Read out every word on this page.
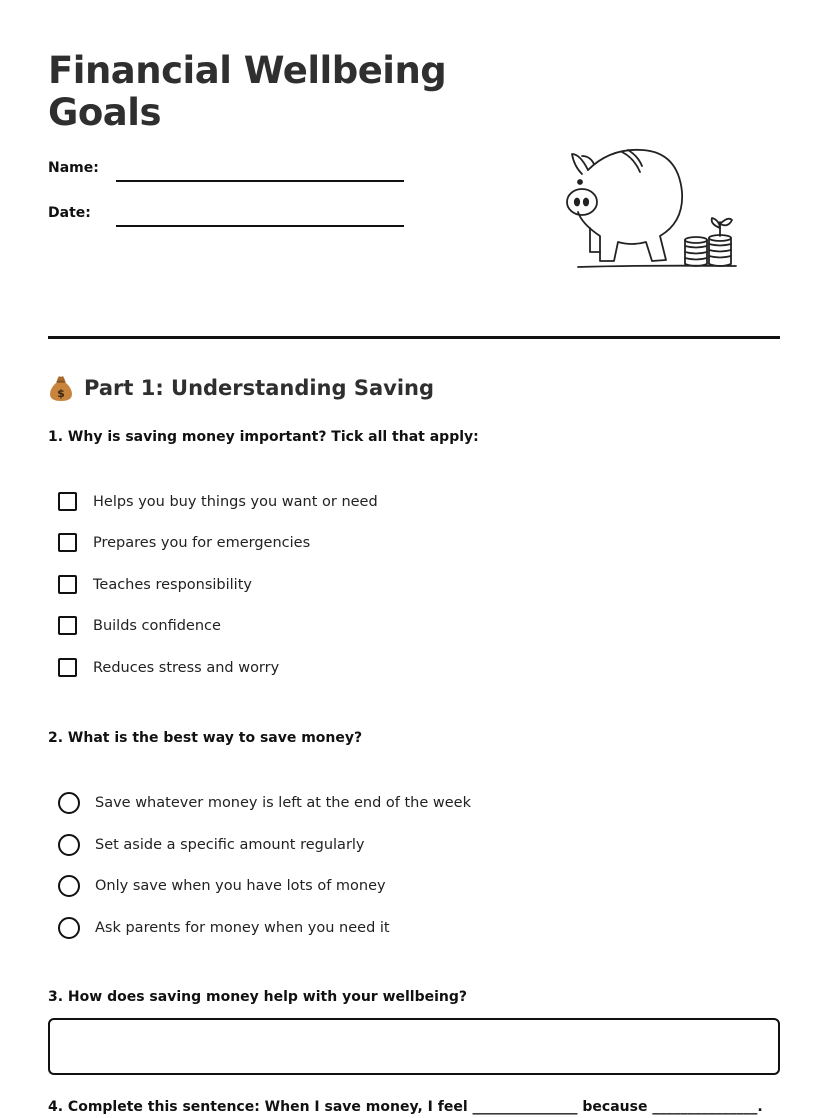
Financial Wellbeing Goals
Name:
Date:
$ Part 1: Understanding Saving
1. Why is saving money important? Tick all that apply:
Helps you buy things you want or need
Prepares you for emergencies
Teaches responsibility
Builds confidence
Reduces stress and worry
2. What is the best way to save money?
Save whatever money is left at the end of the week
Set aside a specific amount regularly
Only save when you have lots of money
Ask parents for money when you need it
3. How does saving money help with your wellbeing?
4. Complete this sentence: When I save money, I feel _______________ because _______________.
